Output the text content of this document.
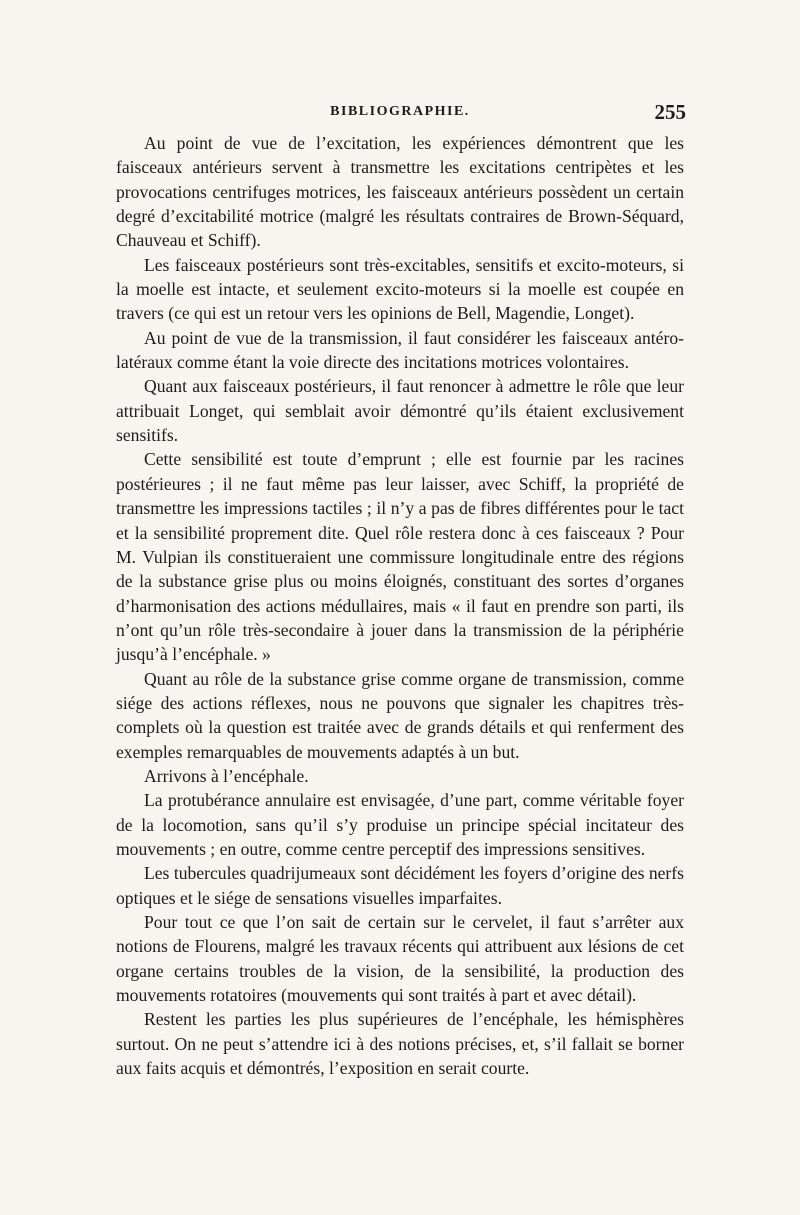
BIBLIOGRAPHIE.	255

Au point de vue de l’excitation, les expériences démontrent que les faisceaux antérieurs servent à transmettre les excitations centripètes et les provocations centrifuges motrices, les faisceaux antérieurs possèdent un certain degré d’excitabilité motrice (malgré les résultats contraires de Brown-Séquard, Chauveau et Schiff).

Les faisceaux postérieurs sont très-excitables, sensitifs et excito-moteurs, si la moelle est intacte, et seulement excito-moteurs si la moelle est coupée en travers (ce qui est un retour vers les opinions de Bell, Magendie, Longet).

Au point de vue de la transmission, il faut considérer les faisceaux antéro-latéraux comme étant la voie directe des incitations motrices volontaires.

Quant aux faisceaux postérieurs, il faut renoncer à admettre le rôle que leur attribuait Longet, qui semblait avoir démontré qu’ils étaient exclusivement sensitifs.

Cette sensibilité est toute d’emprunt ; elle est fournie par les racines postérieures ; il ne faut même pas leur laisser, avec Schiff, la propriété de transmettre les impressions tactiles ; il n’y a pas de fibres différentes pour le tact et la sensibilité proprement dite. Quel rôle restera donc à ces faisceaux ? Pour M. Vulpian ils constitueraient une commissure longitudinale entre des régions de la substance grise plus ou moins éloignés, constituant des sortes d’organes d’harmonisation des actions médullaires, mais « il faut en prendre son parti, ils n’ont qu’un rôle très-secondaire à jouer dans la transmission de la périphérie jusqu’à l’encéphale. »

Quant au rôle de la substance grise comme organe de transmission, comme siége des actions réflexes, nous ne pouvons que signaler les chapitres très-complets où la question est traitée avec de grands détails et qui renferment des exemples remarquables de mouvements adaptés à un but.

Arrivons à l’encéphale.

La protubérance annulaire est envisagée, d’une part, comme véritable foyer de la locomotion, sans qu’il s’y produise un principe spécial incitateur des mouvements ; en outre, comme centre perceptif des impressions sensitives.

Les tubercules quadrijumeaux sont décidément les foyers d’origine des nerfs optiques et le siége de sensations visuelles imparfaites.

Pour tout ce que l’on sait de certain sur le cervelet, il faut s’arrêter aux notions de Flourens, malgré les travaux récents qui attribuent aux lésions de cet organe certains troubles de la vision, de la sensibilité, la production des mouvements rotatoires (mouvements qui sont traités à part et avec détail).

Restent les parties les plus supérieures de l’encéphale, les hémisphères surtout. On ne peut s’attendre ici à des notions précises, et, s’il fallait se borner aux faits acquis et démontrés, l’exposition en serait courte.
